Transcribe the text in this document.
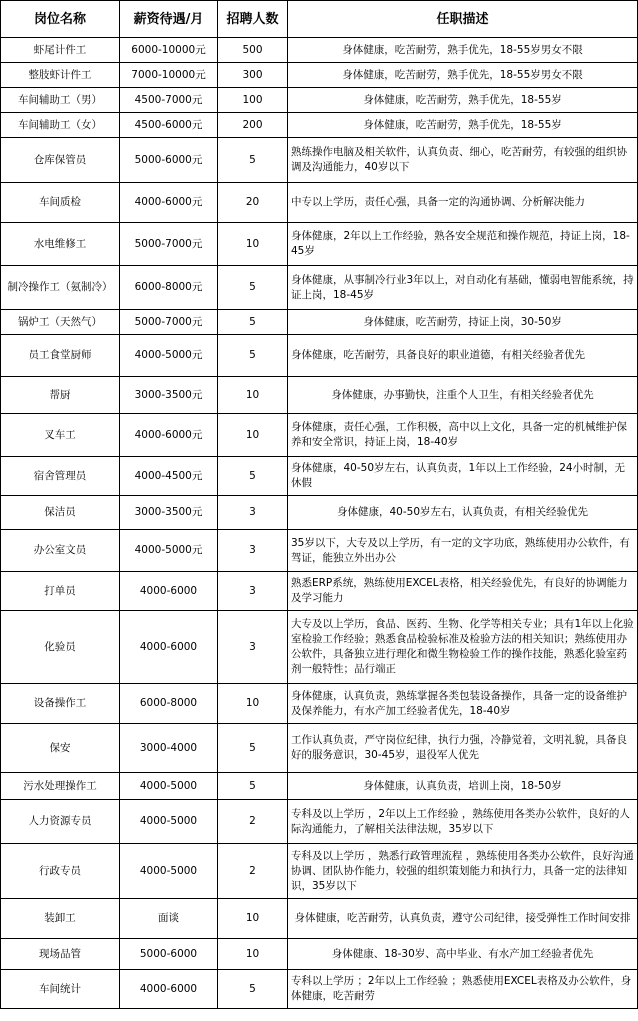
岗位名称	薪资待遇/月	招聘人数	任职描述
虾尾计件工	6000-10000元	500	身体健康，吃苦耐劳，熟手优先，18-55岁男女不限
整肢虾计件工	7000-10000元	300	身体健康，吃苦耐劳，熟手优先，18-55岁男女不限
车间辅助工（男）	4500-7000元	100	身体健康，吃苦耐劳，熟手优先，18-55岁
车间辅助工（女）	4500-6000元	200	身体健康，吃苦耐劳，熟手优先，18-55岁
仓库保管员	5000-6000元	5	熟练操作电脑及相关软件，认真负责、细心，吃苦耐劳，有较强的组织协调及沟通能力，40岁以下
车间质检	4000-6000元	20	中专以上学历，责任心强，具备一定的沟通协调、分析解决能力
水电维修工	5000-7000元	10	身体健康，2年以上工作经验，熟各安全规范和操作规范，持证上岗，18-45岁
制冷操作工（氨制冷）	6000-8000元	5	身体健康，从事制冷行业3年以上，对自动化有基础，懂弱电智能系统，持证上岗，18-45岁
锅炉工（天然气）	5000-7000元	5	身体健康，吃苦耐劳，持证上岗，30-50岁
员工食堂厨师	4000-5000元	5	身体健康，吃苦耐劳，具备良好的职业道德，有相关经验者优先
帮厨	3000-3500元	10	身体健康，办事勤快，注重个人卫生，有相关经验者优先
叉车工	4000-6000元	10	身体健康，责任心强，工作积极，高中以上文化，具备一定的机械维护保养和安全常识，持证上岗，18-40岁
宿舍管理员	4000-4500元	5	身体健康，40-50岁左右，认真负责，1年以上工作经验，24小时制，无休假
保洁员	3000-3500元	3	身体健康，40-50岁左右，认真负责，有相关经验优先
办公室文员	4000-5000元	3	35岁以下，大专及以上学历，有一定的文字功底，熟练使用办公软件，有驾证，能独立外出办公
打单员	4000-6000	3	熟悉ERP系统，熟练使用EXCEL表格，相关经验优先，有良好的协调能力及学习能力
化验员	4000-6000	3	大专及以上学历，食品、医药、生物、化学等相关专业；具有1年以上化验室检验工作经验；熟悉食品检验标准及检验方法的相关知识；熟练使用办公软件，具备独立进行理化和微生物检验工作的操作技能，熟悉化验室药剂一般特性；品行端正
设备操作工	6000-8000	10	身体健康，认真负责，熟练掌握各类包装设备操作，具备一定的设备维护及保养能力，有水产加工经验者优先，18-40岁
保安	3000-4000	5	工作认真负责，严守岗位纪律，执行力强，冷静觉着，文明礼貌，具备良好的服务意识，30-45岁，退役军人优先
污水处理操作工	4000-5000	5	身体健康，认真负责，培训上岗，18-50岁
人力资源专员	4000-5000	2	专科及以上学历 ，2年以上工作经验 ，熟练使用各类办公软件，良好的人际沟通能力，了解相关法律法规，35岁以下
行政专员	4000-5000	2	专科及以上学历 ，熟悉行政管理流程 ，熟练使用各类办公软件，良好沟通协调、团队协作能力，较强的组织策划能力和执行力，具备一定的法律知识，35岁以下
装卸工	面谈	10	身体健康，吃苦耐劳，认真负责，遵守公司纪律，接受弹性工作时间安排
现场品管	5000-6000	10	身体健康、18-30岁、高中毕业、有水产加工经验者优先
车间统计	4000-6000	5	专科以上学历 ；2年以上工作经验 ；熟悉使用EXCEL表格及办公软件，身体健康，吃苦耐劳
